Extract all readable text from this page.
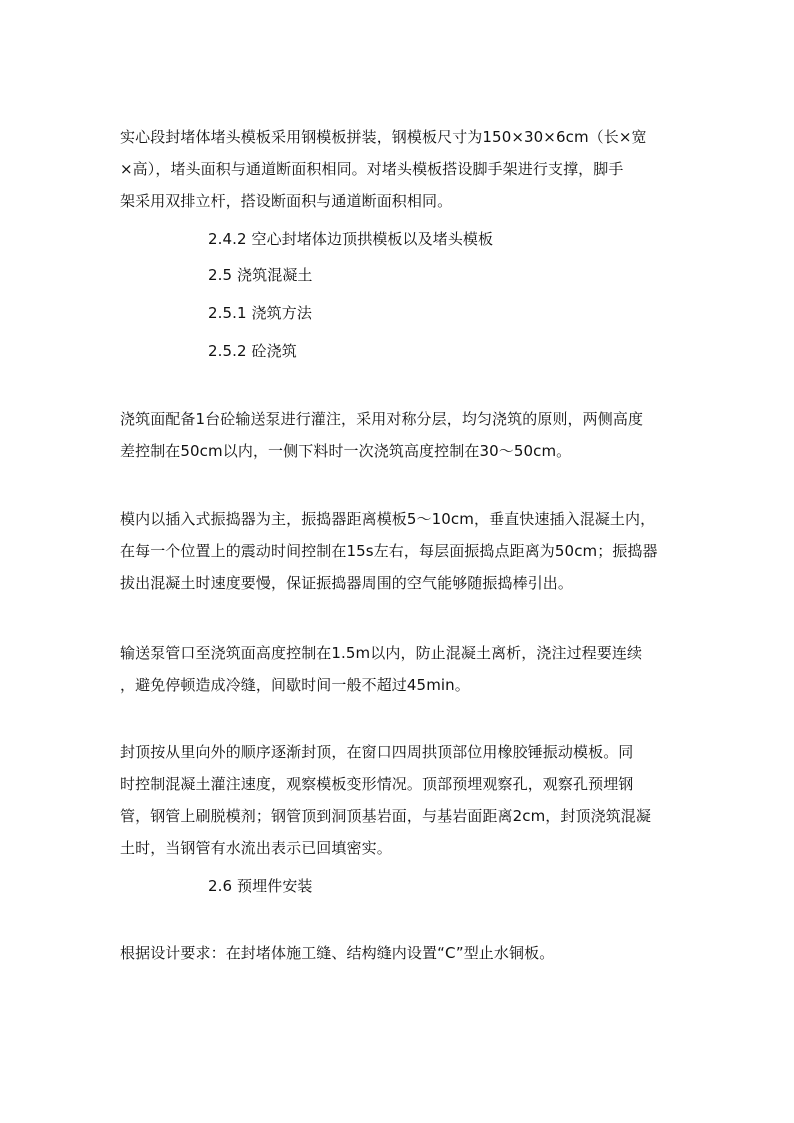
实心段封堵体堵头模板采用钢模板拼装，钢模板尺寸为150×30×6cm（长×宽
×高），堵头面积与通道断面积相同。对堵头模板搭设脚手架进行支撑，脚手
架采用双排立杆，搭设断面积与通道断面积相同。
2.4.2 空心封堵体边顶拱模板以及堵头模板
2.5 浇筑混凝土
2.5.1 浇筑方法
2.5.2 砼浇筑
浇筑面配备1台砼输送泵进行灌注，采用对称分层，均匀浇筑的原则，两侧高度
差控制在50cm以内，一侧下料时一次浇筑高度控制在30～50cm。
模内以插入式振捣器为主，振捣器距离模板5～10cm，垂直快速插入混凝土内，
在每一个位置上的震动时间控制在15s左右，每层面振捣点距离为50cm；振捣器
拔出混凝土时速度要慢，保证振捣器周围的空气能够随振捣棒引出。
输送泵管口至浇筑面高度控制在1.5m以内，防止混凝土离析，浇注过程要连续
，避免停顿造成冷缝，间歇时间一般不超过45min。
封顶按从里向外的顺序逐渐封顶，在窗口四周拱顶部位用橡胶锤振动模板。同
时控制混凝土灌注速度，观察模板变形情况。顶部预埋观察孔，观察孔预埋钢
管，钢管上刷脱模剂；钢管顶到洞顶基岩面，与基岩面距离2cm，封顶浇筑混凝
土时，当钢管有水流出表示已回填密实。
2.6 预埋件安装
根据设计要求：在封堵体施工缝、结构缝内设置“C”型止水铜板。
